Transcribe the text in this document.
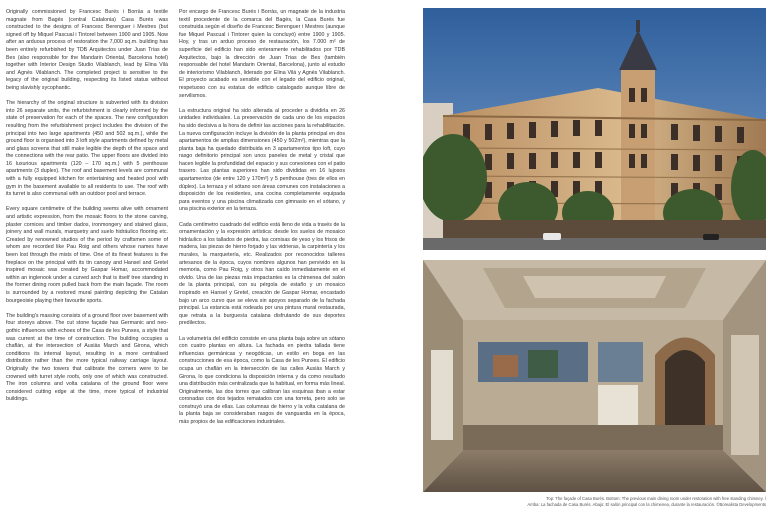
Originally commissioned by Francesc Burés i Borràs a textile magnate from Bagés (central Catalonia) Casa Burés was constructed to the designs of Francesc Berenguer i Mestres (but signed off by Miquel Pascual i Tintorel between 1900 and 1905. Now after an arduous process of restoration the 7,000 sq.m. building has been entirely refurbished by TDB Arquitectos under Juan Trias de Bes (also responsible for the Mandarin Oriental, Barcelona hotel) together with Interior Design Studio Vilablanch, lead by Elina Vilá and Agnès Vilablanch. The completed project is sensitive to the legacy of the original building, respecting its listed status without being slavishly sycophantic.

The hierarchy of the original structure is subverted with its division into 26 separate units, the refurbishment is clearly informed by the state of preservation for each of the spaces. The new configuration resulting from the refurbishment project includes the division of the principal into two large apartments (450 and 502 sq.m.), while the ground floor is organised into 3 loft style apartments defined by metal and glass screens that still make legible the depth of the space and the connections with the rear patio. The upper floors are divided into 16 luxurious apartments (120 – 170 sq.m.) with 5 penthouse apartments (3 duplex). The roof and basement levels are communal with a fully equipped kitchen for entertaining and heated pool with gym in the basement available to all residents to use. The roof with its turret is also communal with an outdoor pool and terrace.

Every square centimetre of the building seems alive with ornament and artistic expression, from the mosaic floors to the stone carving, plaster cornices and timber dados, ironmongery and stained glass, joinery and wall murals, marquetry and suelo hidráulico flooring etc. Created by renowned studios of the period by craftsmen some of whom are recorded like Pau Roig and others whose names have been lost through the mists of time. One of its finest features is the fireplace on the principal with its tin canopy and Hansel and Gretel inspired mosaic was created by Gaspar Homar, accommodated within an inglenook under a curved arch that is itself tree standing in the former dining room pulled back from the main façade. The room is surrounded by a restored mural painting depicting the Catalan bourgeoisie playing their favourite sports.

The building's massing consists of a ground floor over basement with four storeys above. The cut stone façade has Germanic and neo-gothic influences with echoes of the Casa de les Punxes, a style that was current at the time of construction. The building occupies a chaflán, at the intersection of Ausiàs March and Girona, which conditions its internal layout, resulting in a more centralised distribution rather than the more typical railway carriage layout. Originally the two towers that calibrate the corners were to be crowned with turret style roofs, only one of which was constructed. The iron columns and volta catalana of the ground floor were considered cutting edge at the time, more typical of industrial buildings.

Por encargo de Francesc Burés i Borràs, un magnate de la industria textil procedente de la comarca del Bagès, la Casa Burés fue construida según el diseño de Francesc Berenguer i Mestres (aunque fue Miquel Pascual i Tintorer quien la concluyó) entre 1900 y 1905. Hoy, y tras un arduo proceso de restauración, los 7.000 m² de superficie del edificio han sido enteramente rehabilitados por TDB Arquitectos, bajo la dirección de Juan Trias de Bes (también responsable del hotel Mandarin Oriental, Barcelona), junto al estudio de interiorismo Vilablanch, liderado por Elina Vilá y Agnès Vilablanch. El proyecto acabado es sensible con el legado del edificio original, respetuoso con su estatus de edificio catalogado aunque libre de servilismos.

La estructura original ha sido alterada al proceder a dividirla en 26 unidades individuales. La preservación de cada uno de los espacios ha sido decisiva a la hora de definir las acciones para la rehabilitación. La nueva configuración incluye la división de la planta principal en dos apartamentos de amplias dimensiones (450 y 502m²), mientras que la planta baja ha quedado distribuida en 3 apartamentos tipo loft, cuyo rasgo definitorio principal son unos paneles de metal y cristal que hacen legible la profundidad del espacio y sus conexiones con el patio trasero. Las plantas superiores han sido divididas en 16 lujosos apartamentos (de entre 120 y 170m²) y 5 penthouse (tres de ellos en dúplex). La terraza y el sótano son áreas comunes con instalaciones a disposición de los residentes, una cocina completamente equipada para eventos y una piscina climatizada con gimnasio en el sótano, y una piscina exterior en la terraza.

Cada centímetro cuadrado del edificio está lleno de vida a través de la ornamentación y la expresión artística: desde los suelos de mosaico hidráulico a los tallados de piedra, las cornisas de yeso y los frisos de madera, las piezas de hierro forjado y las vidrieras, la carpintería y los murales, la marquetería, etc. Realizados por reconocidos talleres artesanos de la época, cuyos nombres algunos han pervivido en la memoria, como Pau Roig, y otros han caído inmediatamente en el olvido. Una de las piezas más impactantes es la chimenea del salón de la planta principal, con su pérgola de estaño y un mosaico inspirado en Hansel y Gretel, creación de Gaspar Homar, encastado bajo un arco curvo que se eleva sin apoyos separado de la fachada principal. La estancia está rodeada por una pintura mural restaurada, que retrata a la burguesía catalana disfrutando de sus deportes predilectos.

La volumetría del edificio consiste en una planta baja sobre un sótano con cuatro plantas en altura. La fachada en piedra tallada tiene influencias germánicas y neogóticas, un estilo en boga en las construcciones de esa época, como la Casa de les Punxes. El edificio ocupa un chaflán en la intersección de las calles Ausiàs March y Girona, lo que condiciona la disposición interna y da como resultado una distribución más centralizada que la habitual, en forma más lineal. Originalmente, las dos torres que calibran las esquinas iban a estar coronadas con dos tejados rematados con una torreta, pero solo se construyó una de ellas. Las columnas de hierro y la volta catalana de la planta baja se consideraban rasgos de vanguardia en la época, más propios de las edificaciones industriales.

Top: The façade of Casa Burés. Bottom: The previous main dining room under restoration with free standing chimney. /

Arriba: La fachada de Casa Burés. Abajo: El salón principal con la chimenea, durante la restauración. ©Borealista Developments
